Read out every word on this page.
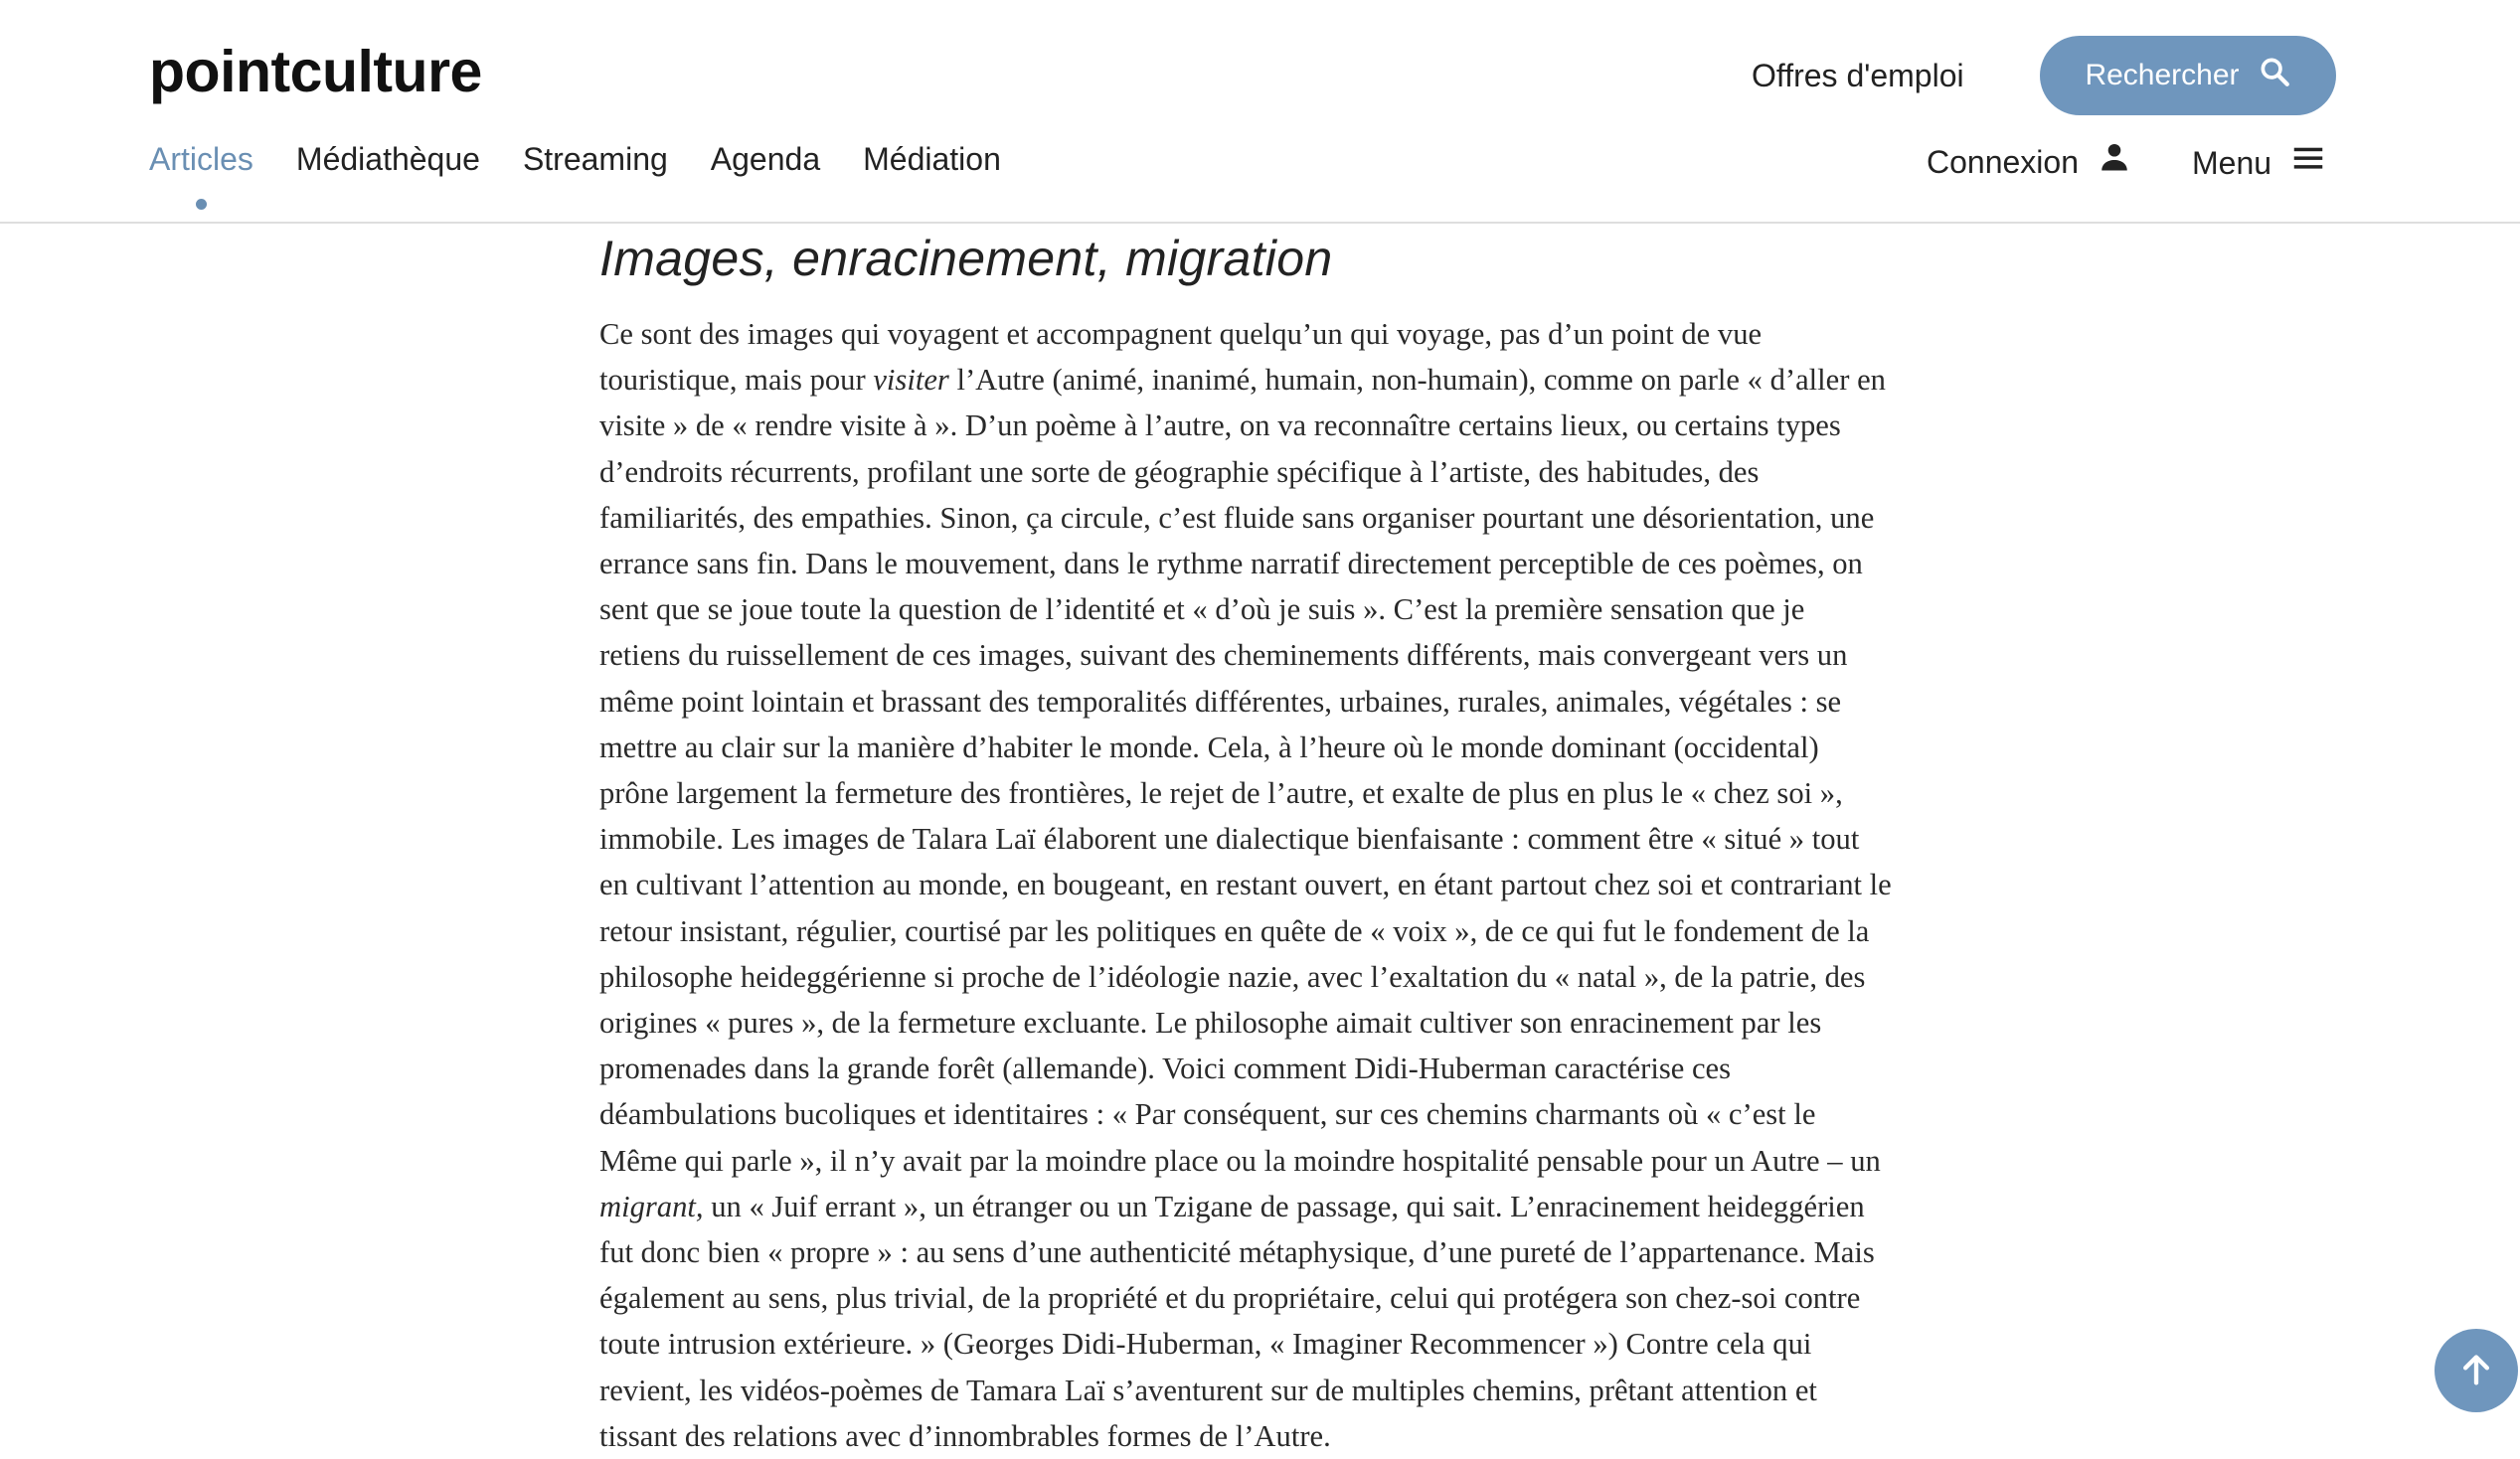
pointculture	Offres d'emploi	Rechercher
Articles Médiathèque Streaming Agenda Médiation	Connexion	Menu
Images, enracinement, migration

Ce sont des images qui voyagent et accompagnent quelqu’un qui voyage, pas d’un point de vue touristique, mais pour visiter l’Autre (animé, inanimé, humain, non-humain), comme on parle « d’aller en visite » de « rendre visite à ». D’un poème à l’autre, on va reconnaître certains lieux, ou certains types d’endroits récurrents, profilant une sorte de géographie spécifique à l’artiste, des habitudes, des familiarités, des empathies. Sinon, ça circule, c’est fluide sans organiser pourtant une désorientation, une errance sans fin. Dans le mouvement, dans le rythme narratif directement perceptible de ces poèmes, on sent que se joue toute la question de l’identité et « d’où je suis ». C’est la première sensation que je retiens du ruissellement de ces images, suivant des cheminements différents, mais convergeant vers un même point lointain et brassant des temporalités différentes, urbaines, rurales, animales, végétales : se mettre au clair sur la manière d’habiter le monde. Cela, à l’heure où le monde dominant (occidental) prône largement la fermeture des frontières, le rejet de l’autre, et exalte de plus en plus le « chez soi », immobile. Les images de Talara Laï élaborent une dialectique bienfaisante : comment être « situé » tout en cultivant l’attention au monde, en bougeant, en restant ouvert, en étant partout chez soi et contrariant le retour insistant, régulier, courtisé par les politiques en quête de « voix », de ce qui fut le fondement de la philosophe heideggérienne si proche de l’idéologie nazie, avec l’exaltation du « natal », de la patrie, des origines « pures », de la fermeture excluante. Le philosophe aimait cultiver son enracinement par les promenades dans la grande forêt (allemande). Voici comment Didi-Huberman caractérise ces déambulations bucoliques et identitaires : « Par conséquent, sur ces chemins charmants où « c’est le Même qui parle », il n’y avait par la moindre place ou la moindre hospitalité pensable pour un Autre – un migrant, un « Juif errant », un étranger ou un Tzigane de passage, qui sait. L’enracinement heideggérien fut donc bien « propre » : au sens d’une authenticité métaphysique, d’une pureté de l’appartenance. Mais également au sens, plus trivial, de la propriété et du propriétaire, celui qui protégera son chez-soi contre toute intrusion extérieure. » (Georges Didi-Huberman, « Imaginer Recommencer ») Contre cela qui revient, les vidéos-poèmes de Tamara Laï s’aventurent sur de multiples chemins, prêtant attention et tissant des relations avec d’innombrables formes de l’Autre.
